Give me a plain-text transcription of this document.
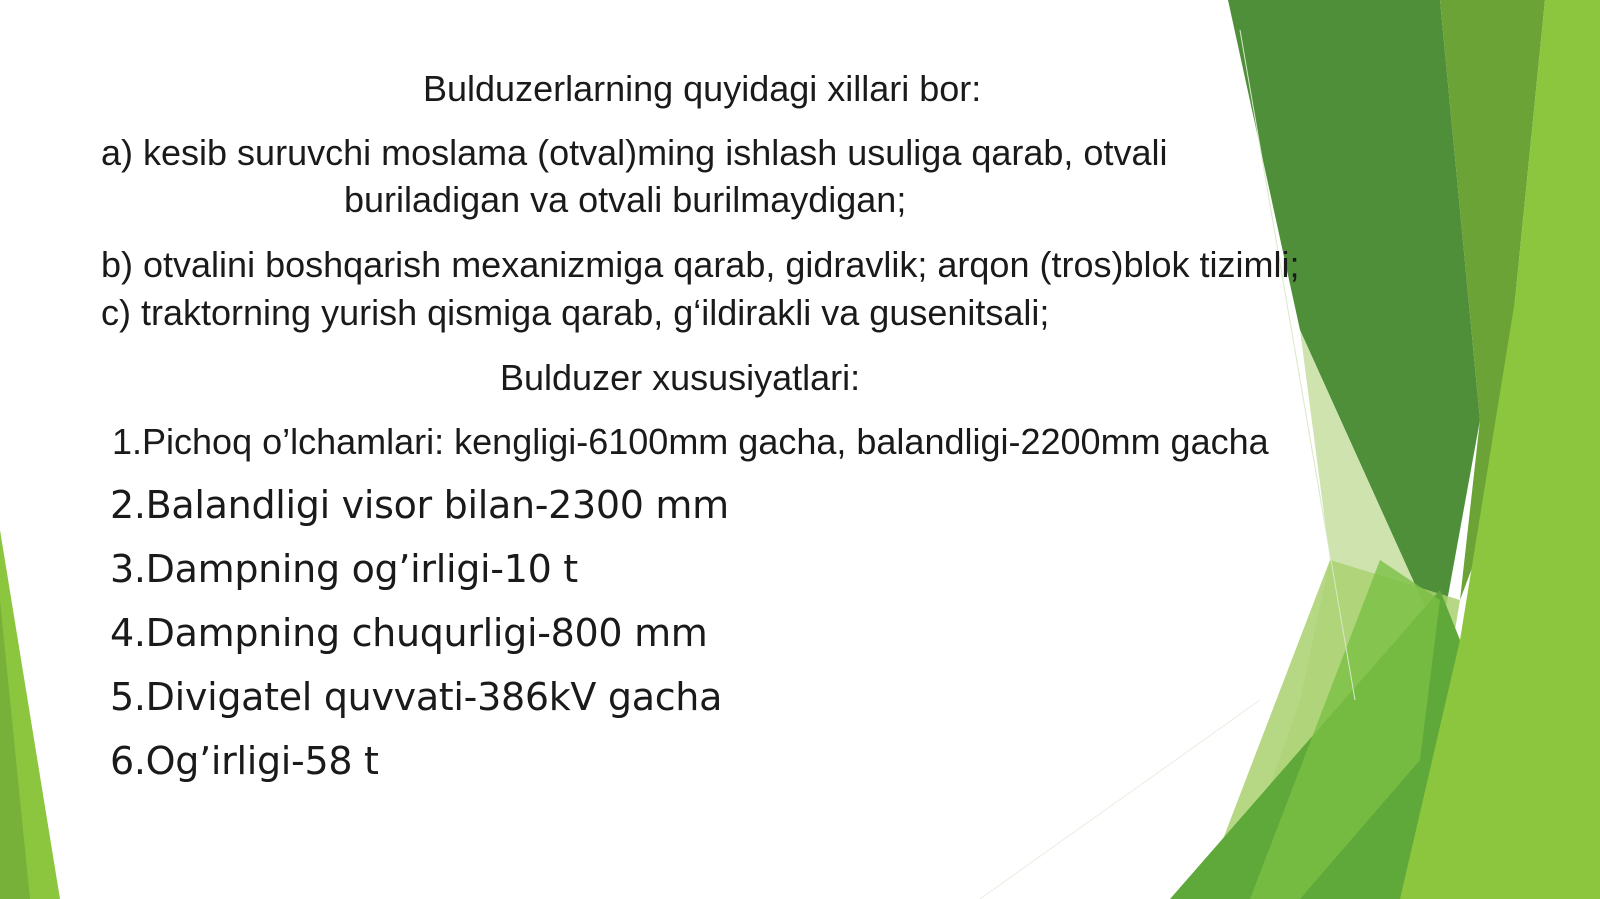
Bulduzerlarning quyidagi xillari bor:
a) kesib suruvchi moslama (otval)ming ishlash usuliga qarab, otvali
buriladigan va otvali burilmaydigan;
b) otvalini boshqarish mexanizmiga qarab, gidravlik; arqon (tros)blok tizimli;
c) traktorning yurish qismiga qarab, g‘ildirakli va gusenitsali;
Bulduzer xususiyatlari:
1.Pichoq o’lchamlari: kengligi-6100mm gacha, balandligi-2200mm gacha
2.Balandligi visor bilan-2300 mm
3.Dampning og’irligi-10 t
4.Dampning chuqurligi-800 mm
5.Divigatel quvvati-386kV gacha
6.Og’irligi-58 t
